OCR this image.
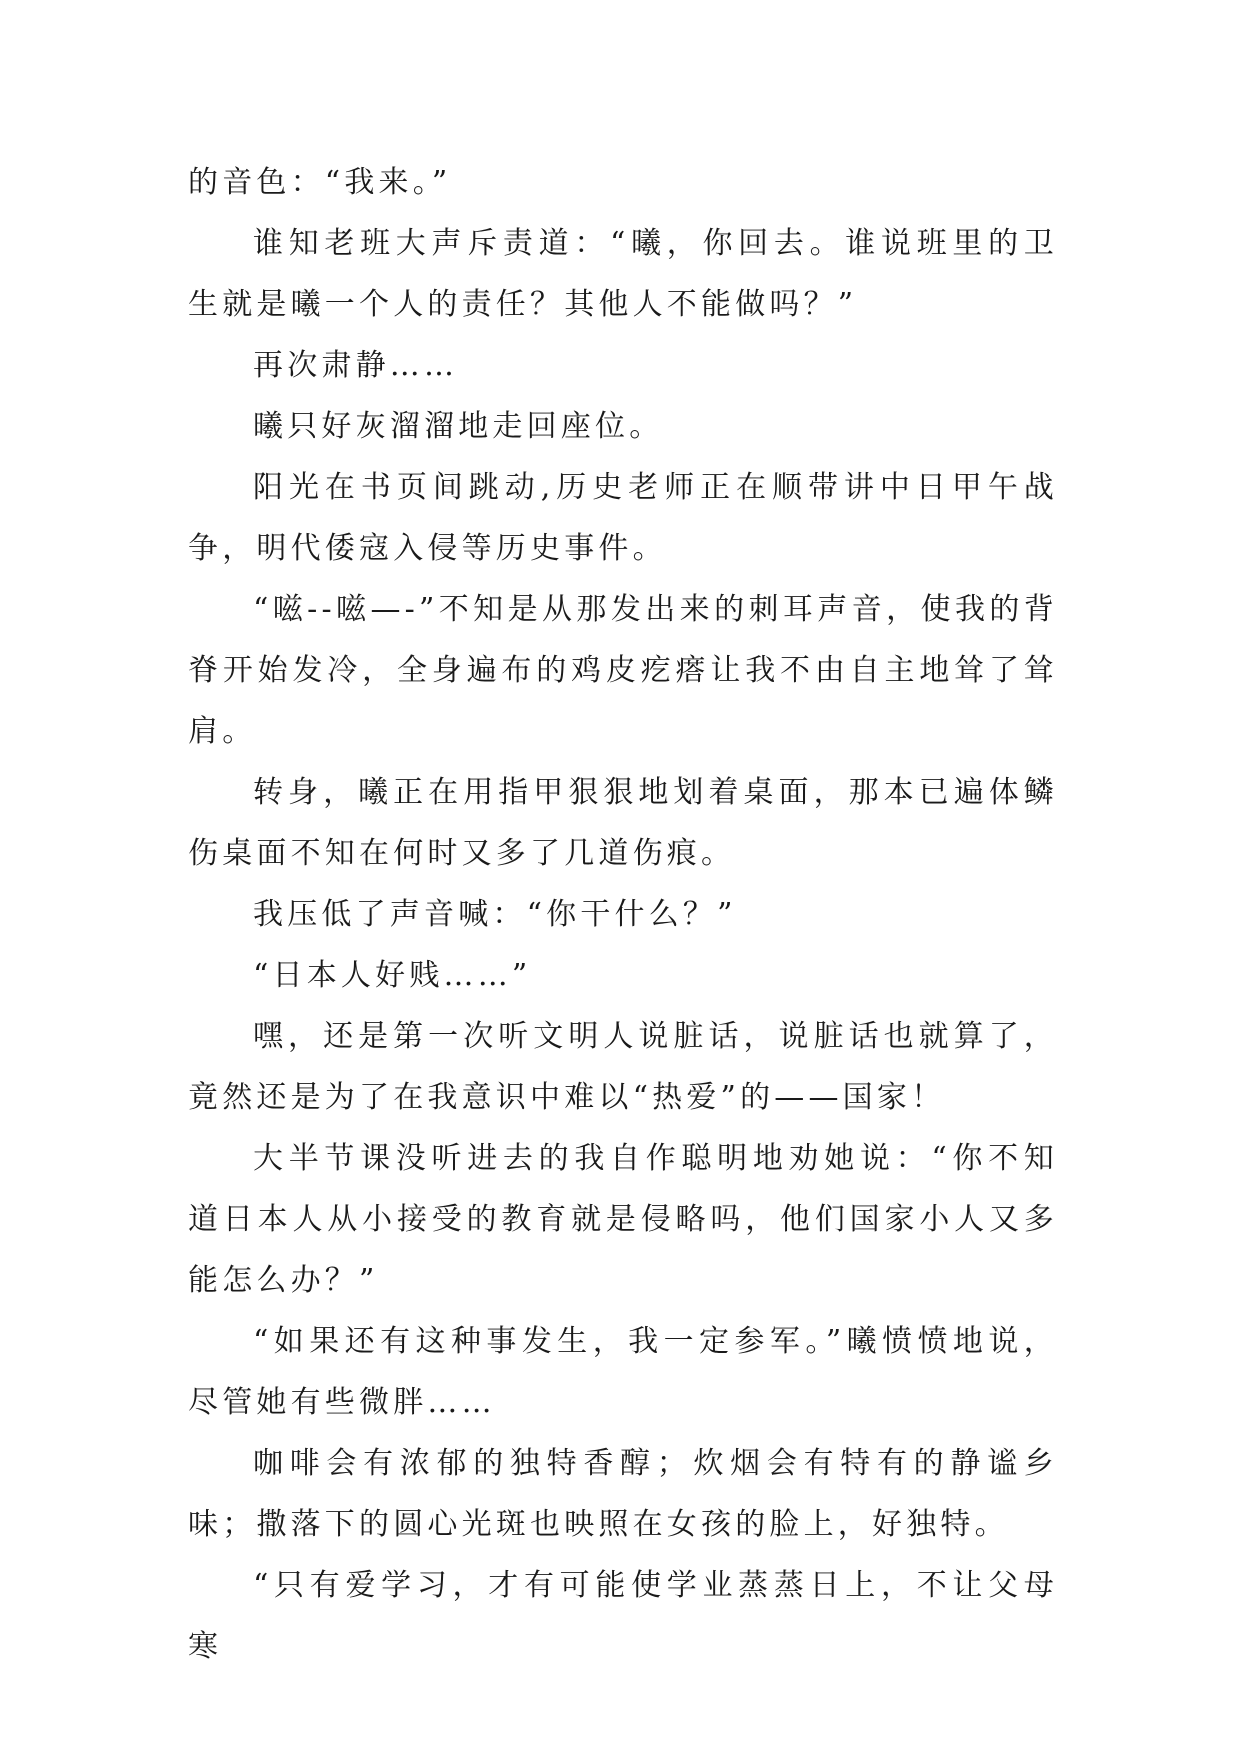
的音色：“我来。”

谁知老班大声斥责道：“曦，你回去。谁说班里的卫生就是曦一个人的责任？其他人不能做吗？”

再次肃静……

曦只好灰溜溜地走回座位。

阳光在书页间跳动,历史老师正在顺带讲中日甲午战争，明代倭寇入侵等历史事件。

“嗞--嗞—-”不知是从那发出来的刺耳声音，使我的背脊开始发冷，全身遍布的鸡皮疙瘩让我不由自主地耸了耸肩。

转身，曦正在用指甲狠狠地划着桌面，那本已遍体鳞伤桌面不知在何时又多了几道伤痕。

我压低了声音喊：“你干什么？”

“日本人好贱……”

嘿，还是第一次听文明人说脏话，说脏话也就算了，竟然还是为了在我意识中难以“热爱”的——国家！

大半节课没听进去的我自作聪明地劝她说：“你不知道日本人从小接受的教育就是侵略吗，他们国家小人又多能怎么办？”

“如果还有这种事发生，我一定参军。”曦愤愤地说，尽管她有些微胖……

咖啡会有浓郁的独特香醇；炊烟会有特有的静谧乡味；撒落下的圆心光斑也映照在女孩的脸上，好独特。

“只有爱学习，才有可能使学业蒸蒸日上，不让父母寒
